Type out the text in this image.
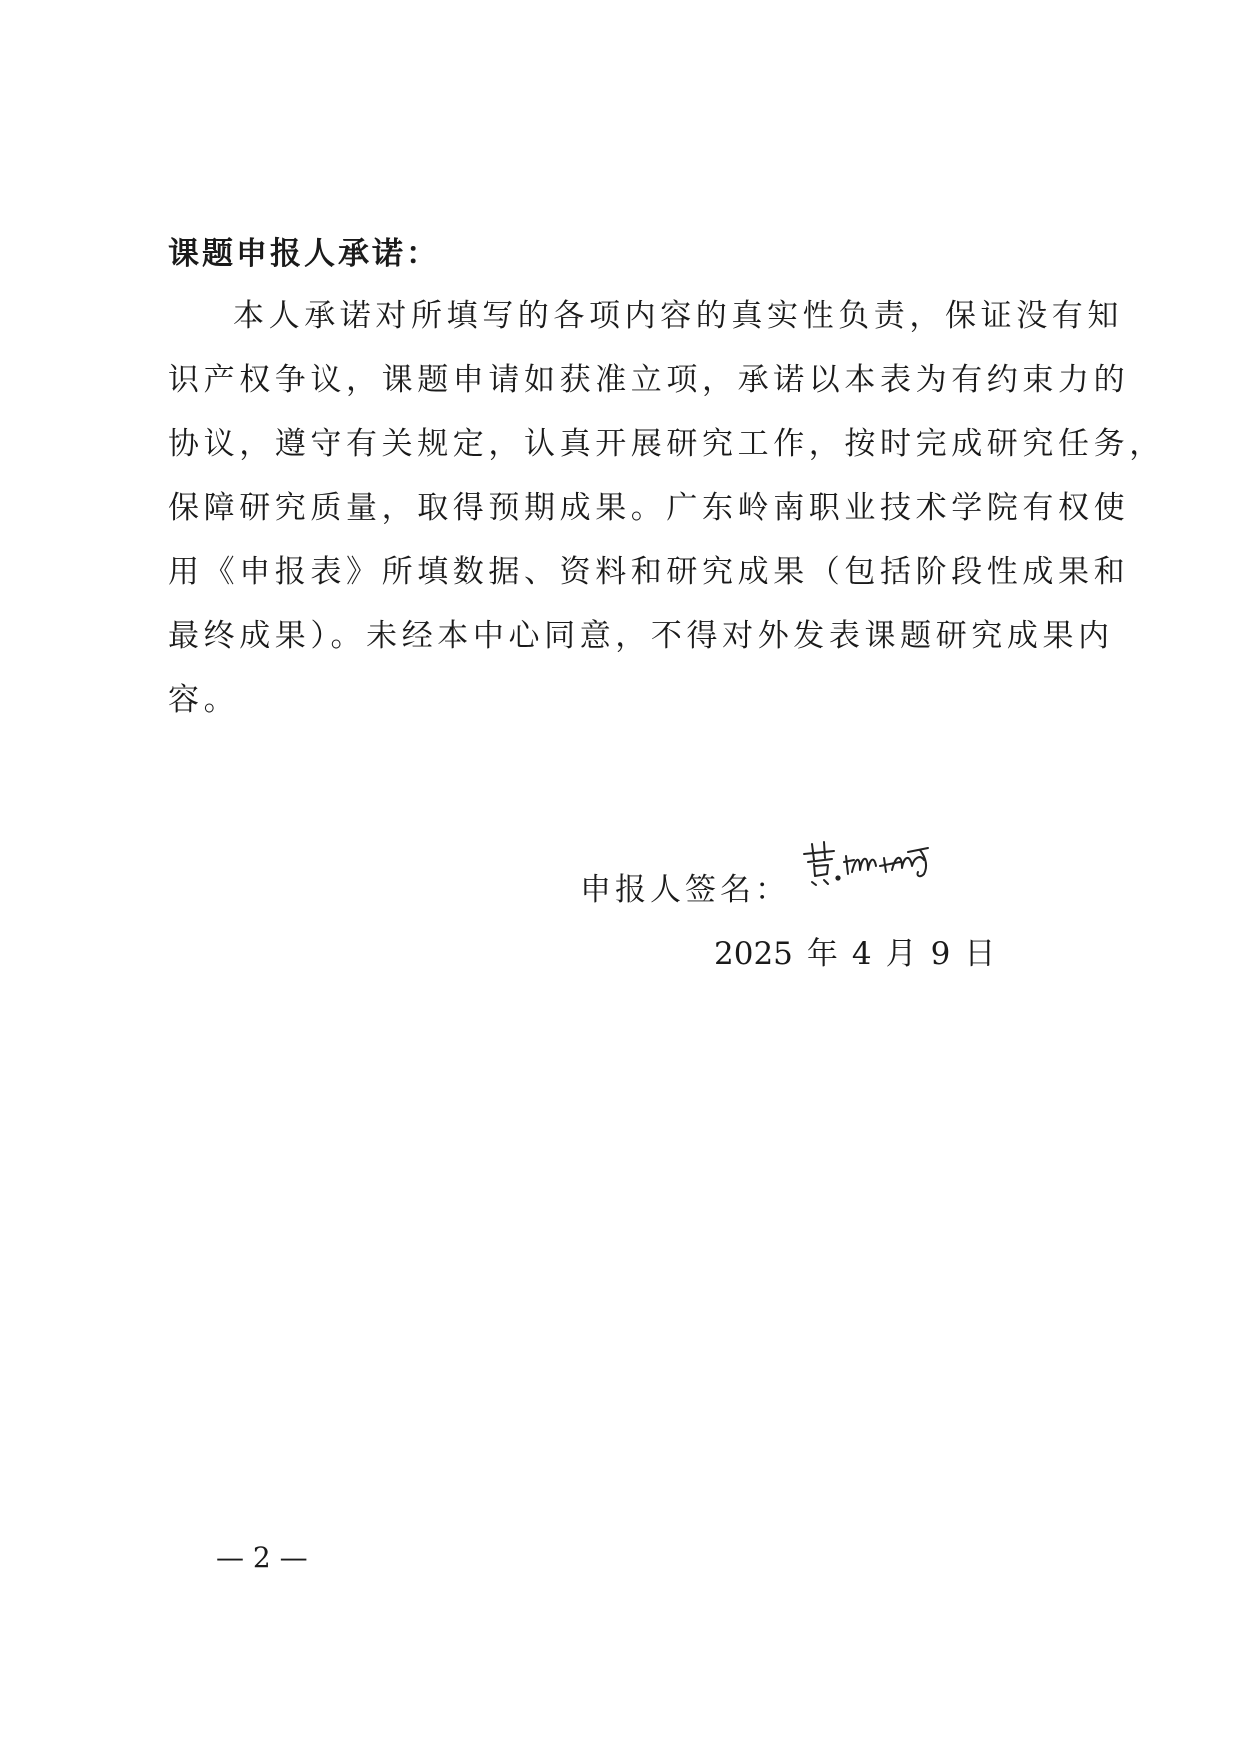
课题申报人承诺：
本人承诺对所填写的各项内容的真实性负责，保证没有知
识产权争议，课题申请如获准立项，承诺以本表为有约束力的
协议，遵守有关规定，认真开展研究工作，按时完成研究任务，
保障研究质量，取得预期成果。广东岭南职业技术学院有权使
用《申报表》所填数据、资料和研究成果（包括阶段性成果和
最终成果）。未经本中心同意，不得对外发表课题研究成果内
容。
申报人签名：
2025 年 4 月 9 日
— 2 —
